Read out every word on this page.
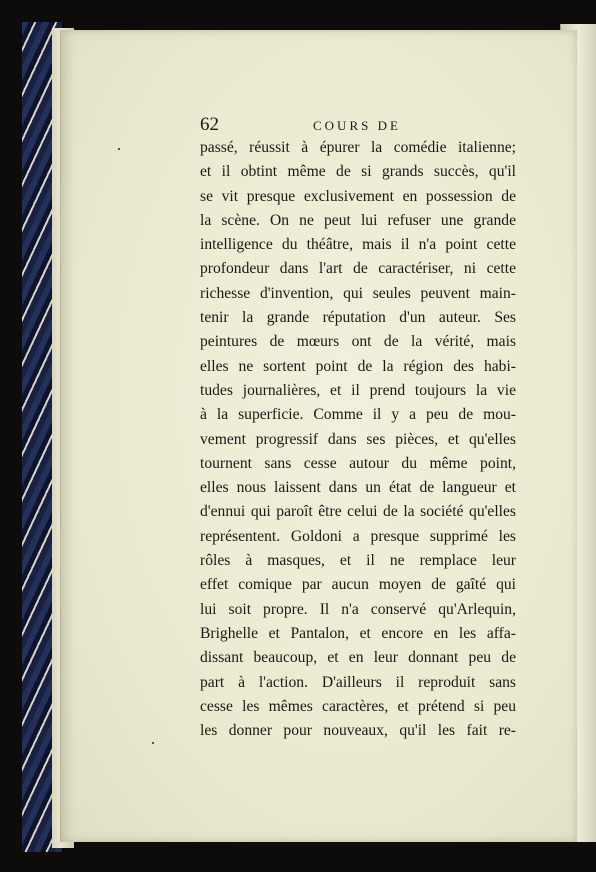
62	COURS DE
passé, réussit à épurer la comédie italienne;
et il obtint même de si grands succès, qu'il
se vit presque exclusivement en possession de
la scène. On ne peut lui refuser une grande
intelligence du théâtre, mais il n'a point cette
profondeur dans l'art de caractériser, ni cette
richesse d'invention, qui seules peuvent main-
tenir la grande réputation d'un auteur. Ses
peintures de mœurs ont de la vérité, mais
elles ne sortent point de la région des habi-
tudes journalières, et il prend toujours la vie
à la superficie. Comme il y a peu de mou-
vement progressif dans ses pièces, et qu'elles
tournent sans cesse autour du même point,
elles nous laissent dans un état de langueur et
d'ennui qui paroît être celui de la société qu'elles
représentent. Goldoni a presque supprimé les
rôles à masques, et il ne remplace leur
effet comique par aucun moyen de gaîté qui
lui soit propre. Il n'a conservé qu'Arlequin,
Brighelle et Pantalon, et encore en les affa-
dissant beaucoup, et en leur donnant peu de
part à l'action. D'ailleurs il reproduit sans
cesse les mêmes caractères, et prétend si peu
les donner pour nouveaux, qu'il les fait re-
